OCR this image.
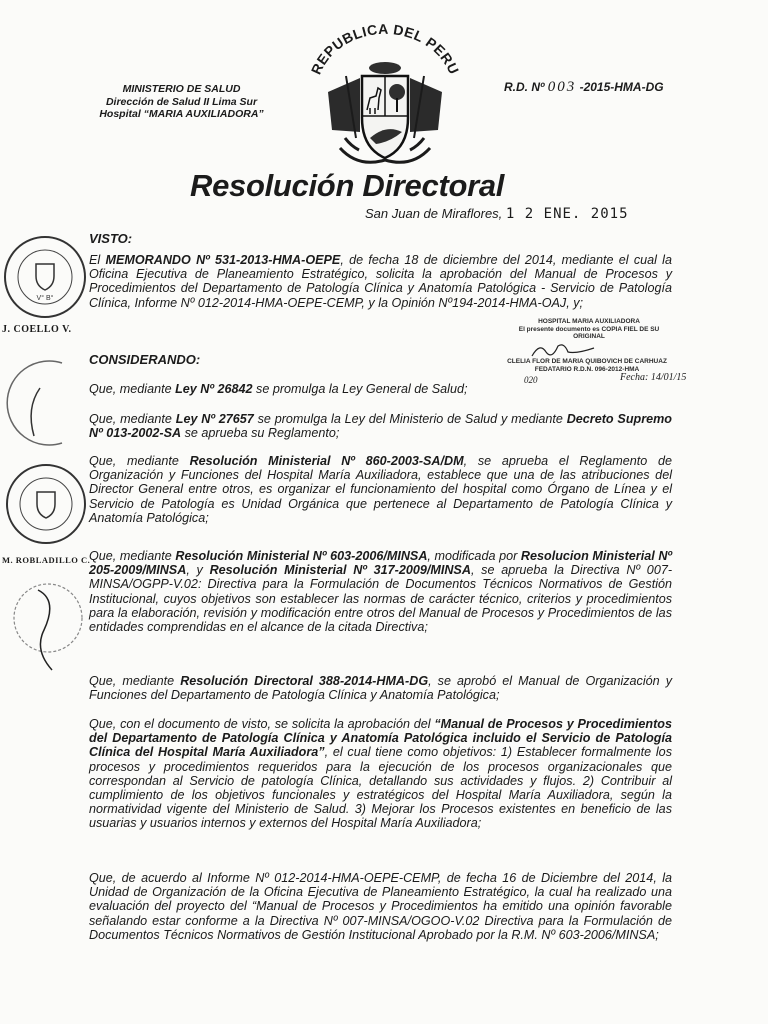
MINISTERIO DE SALUD
Dirección de Salud II Lima Sur
Hospital “MARIA AUXILIADORA”
REPUBLICA DEL PERU
R.D. Nº 003 -2015-HMA-DG
Resolución Directoral
San Juan de Miraflores, 1 2 ENE. 2015
VISTO:
El MEMORANDO Nº 531-2013-HMA-OEPE, de fecha 18 de diciembre del 2014, mediante el cual la Oficina Ejecutiva de Planeamiento Estratégico, solicita la aprobación del Manual de Procesos y Procedimientos del Departamento de Patología Clínica y Anatomía Patológica - Servicio de Patología Clínica, Informe Nº 012-2014-HMA-OEPE-CEMP, y la Opinión Nº194-2014-HMA-OAJ, y;
CONSIDERANDO:
Que, mediante Ley Nº 26842 se promulga la Ley General de Salud;
Que, mediante Ley Nº 27657 se promulga la Ley del Ministerio de Salud y mediante Decreto Supremo Nº 013-2002-SA se aprueba su Reglamento;
Que, mediante Resolución Ministerial Nº 860-2003-SA/DM, se aprueba el Reglamento de Organización y Funciones del Hospital María Auxiliadora, establece que una de las atribuciones del Director General entre otros, es organizar el funcionamiento del hospital como Órgano de Línea y el Servicio de Patología es Unidad Orgánica que pertenece al Departamento de Patología Clínica y Anatomía Patológica;
Que, mediante Resolución Ministerial Nº 603-2006/MINSA, modificada por Resolucion Ministerial Nº 205-2009/MINSA, y Resolución Ministerial Nº 317-2009/MINSA, se aprueba la Directiva Nº 007-MINSA/OGPP-V.02: Directiva para la Formulación de Documentos Técnicos Normativos de Gestión Institucional, cuyos objetivos son establecer las normas de carácter técnico, criterios y procedimientos para la elaboración, revisión y modificación entre otros del Manual de Procesos y Procedimientos de las entidades comprendidas en el alcance de la citada Directiva;
Que, mediante Resolución Directoral 388-2014-HMA-DG, se aprobó el Manual de Organización y Funciones del Departamento de Patología Clínica y Anatomía Patológica;
Que, con el documento de visto, se solicita la aprobación del “Manual de Procesos y Procedimientos del Departamento de Patología Clínica y Anatomía Patológica incluido el Servicio de Patología Clínica del Hospital María Auxiliadora”, el cual tiene como objetivos: 1) Establecer formalmente los procesos y procedimientos requeridos para la ejecución de los procesos organizacionales que correspondan al Servicio de patología Clínica, detallando sus actividades y flujos. 2) Contribuir al cumplimiento de los objetivos funcionales y estratégicos del Hospital María Auxiliadora, según la normatividad vigente del Ministerio de Salud. 3) Mejorar los Procesos existentes en beneficio de las usuarias y usuarios internos y externos del Hospital María Auxiliadora;
Que, de acuerdo al Informe Nº 012-2014-HMA-OEPE-CEMP, de fecha 16 de Diciembre del 2014, la Unidad de Organización de la Oficina Ejecutiva de Planeamiento Estratégico, la cual ha realizado una evaluación del proyecto del “Manual de Procesos y Procedimientos ha emitido una opinión favorable señalando estar conforme a la Directiva Nº 007-MINSA/OGOO-V.02 Directiva para la Formulación de Documentos Técnicos Normativos de Gestión Institucional Aprobado por la R.M. Nº 603-2006/MINSA;
V° B°
J. COELLO V.
M. ROBLADILLO C.
HOSPITAL MARIA AUXILIADORA
El presente documento es COPIA FIEL DE SU
ORIGINAL
CLELIA FLOR DE MARIA QUIBOVICH DE CARHUAZ
FEDATARIO R.D.N. 096-2012-HMA
020	Fecha: 14/01/15
